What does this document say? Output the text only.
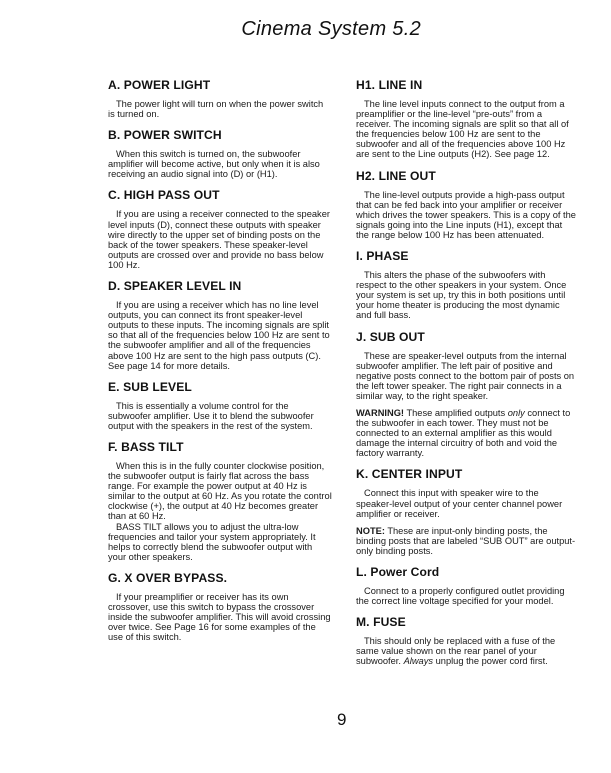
Cinema System 5.2
A. POWER LIGHT

The power light will turn on when the power switch is turned on.

B. POWER SWITCH

When this switch is turned on, the subwoofer amplifier will become active, but only when it is also receiving an audio signal into (D) or (H1).

C. HIGH PASS OUT

If you are using a receiver connected to the speaker level inputs (D), connect these outputs with speaker wire directly to the upper set of binding posts on the back of the tower speakers. These speaker-level outputs are crossed over and provide no bass below 100 Hz.

D. SPEAKER LEVEL IN

If you are using a receiver which has no line level outputs, you can connect its front speaker-level outputs to these inputs. The incoming signals are split so that all of the frequencies below 100 Hz are sent to the subwoofer amplifier and all of the frequencies above 100 Hz are sent to the high pass outputs (C). See page 14 for more details.

E. SUB LEVEL

This is essentially a volume control for the subwoofer amplifier. Use it to blend the subwoofer output with the speakers in the rest of the system.

F. BASS TILT

When this is in the fully counter clockwise position, the subwoofer output is fairly flat across the bass range. For example the power output at 40 Hz is similar to the output at 60 Hz. As you rotate the control clockwise (+), the output at 40 Hz becomes greater than at 60 Hz.

BASS TILT allows you to adjust the ultra-low frequencies and tailor your system appropriately. It helps to correctly blend the subwoofer output with your other speakers.

G. X OVER BYPASS.

If your preamplifier or receiver has its own crossover, use this switch to bypass the crossover inside the subwoofer amplifier. This will avoid crossing over twice. See Page 16 for some examples of the use of this switch.

H1. LINE IN

The line level inputs connect to the output from a preamplifier or the line-level “pre-outs” from a receiver. The incoming signals are split so that all of the frequencies below 100 Hz are sent to the subwoofer and all of the frequencies above 100 Hz are sent to the Line outputs (H2). See page 12.

H2. LINE OUT

The line-level outputs provide a high-pass output that can be fed back into your amplifier or receiver which drives the tower speakers. This is a copy of the signals going into the Line inputs (H1), except that the range below 100 Hz has been attenuated.

I. PHASE

This alters the phase of the subwoofers with respect to the other speakers in your system. Once your system is set up, try this in both positions until your home theater is producing the most dynamic and full bass.

J. SUB OUT

These are speaker-level outputs from the internal subwoofer amplifier. The left pair of positive and negative posts connect to the bottom pair of posts on the left tower speaker. The right pair connects in a similar way, to the right speaker.

WARNING! These amplified outputs only connect to the subwoofer in each tower. They must not be connected to an external amplifier as this would damage the internal circuitry of both and void the factory warranty.

K. CENTER INPUT

Connect this input with speaker wire to the speaker-level output of your center channel power amplifier or receiver.

NOTE: These are input-only binding posts, the binding posts that are labeled “SUB OUT” are output-only binding posts.

L. Power Cord

Connect to a properly configured outlet providing the correct line voltage specified for your model.

M. FUSE

This should only be replaced with a fuse of the same value shown on the rear panel of your subwoofer. Always unplug the power cord first.

9
